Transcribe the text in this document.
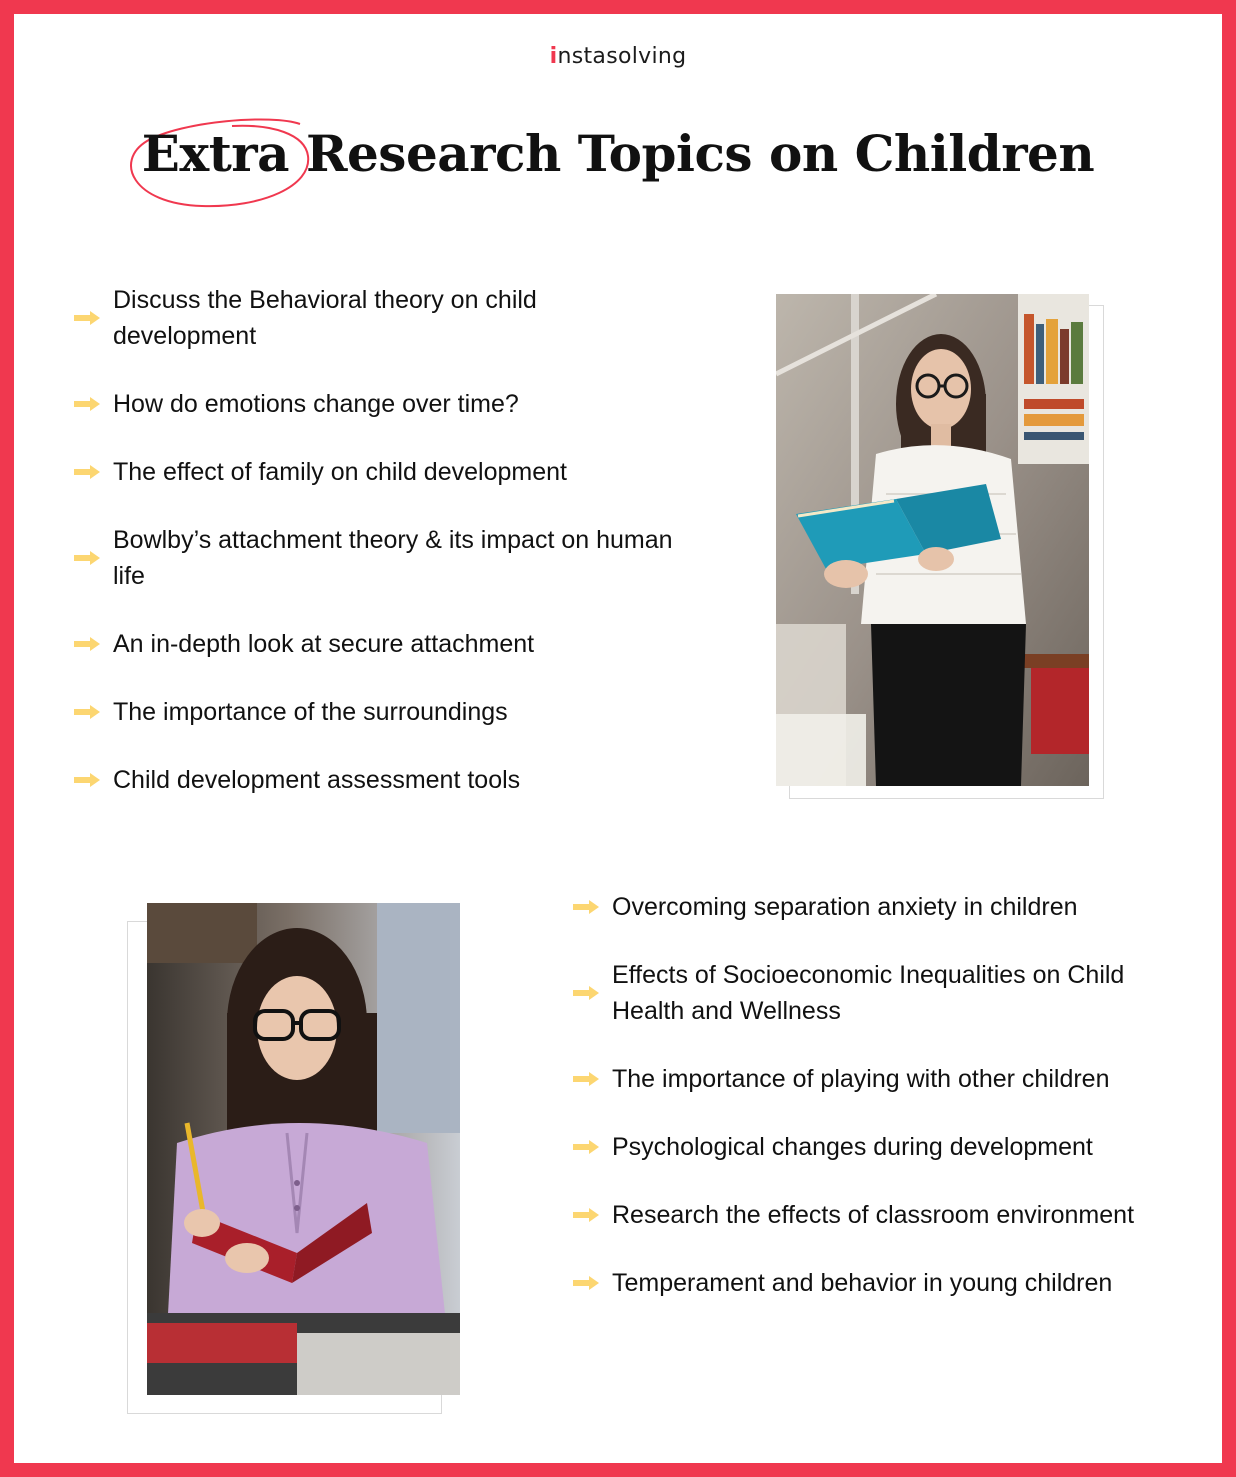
instasolving
Extra Research Topics on Children
Discuss the Behavioral theory on child development
How do emotions change over time?
The effect of family on child development
Bowlby’s attachment theory & its impact on human life
An in-depth look at secure attachment
The importance of the surroundings
Child development assessment tools
Overcoming separation anxiety in children
Effects of Socioeconomic Inequalities on Child Health and Wellness
The importance of playing with other children
Psychological changes during development
Research the effects of classroom environment
Temperament and behavior in young children
